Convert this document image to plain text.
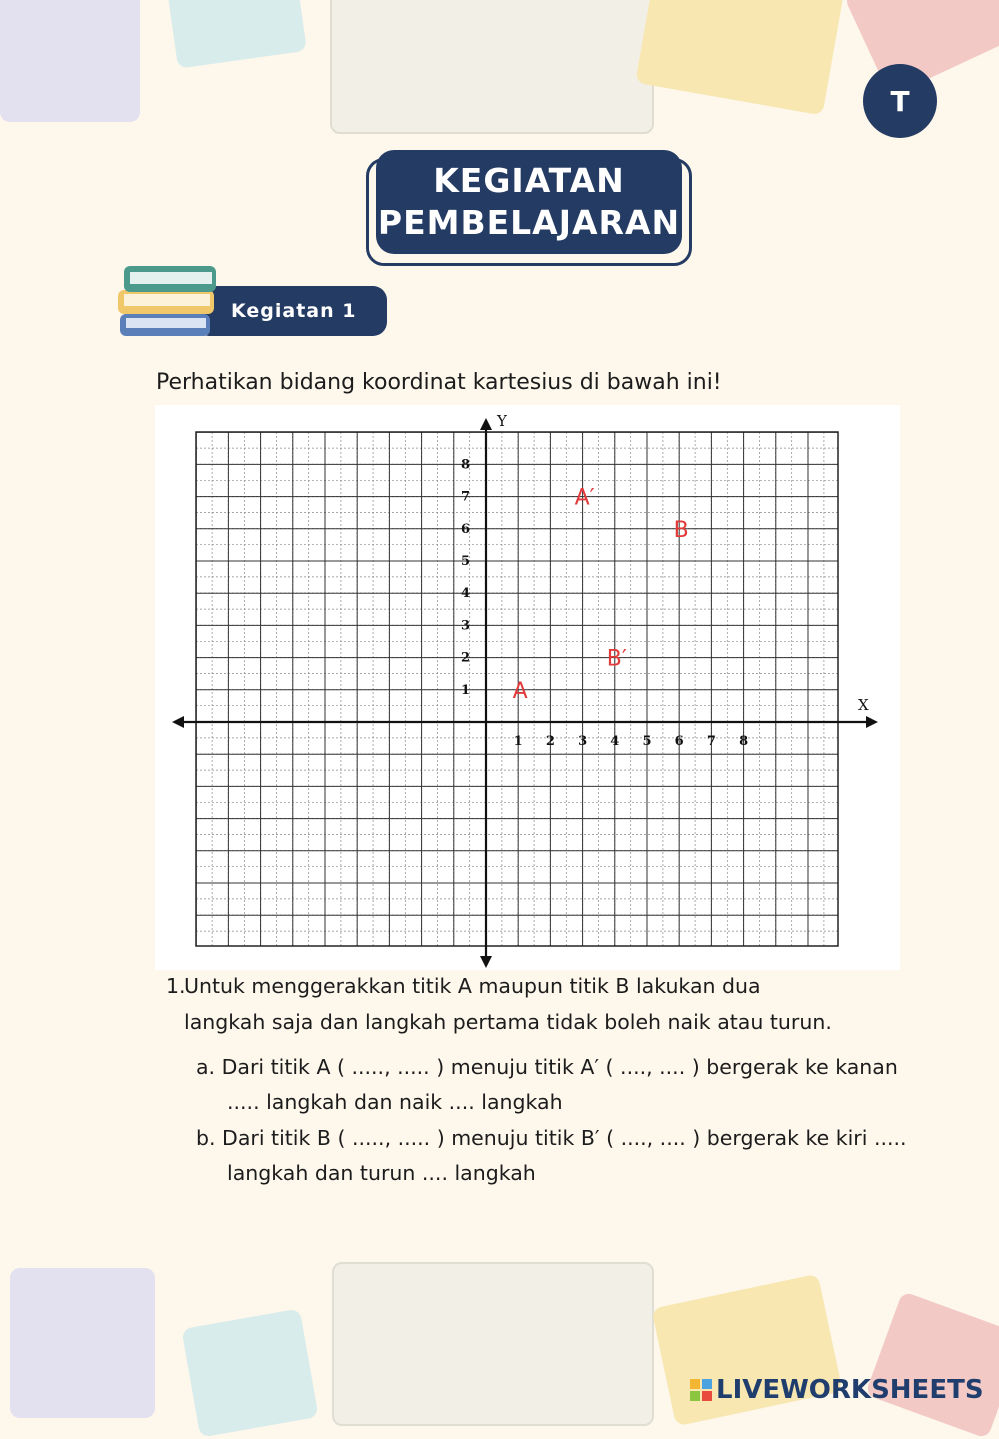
T
KEGIATAN
PEMBELAJARAN
Kegiatan 1
Perhatikan bidang koordinat kartesius di bawah ini!
X
Y
1 2 3 4 5 6 7 8
1
2
3
4
5
6
7
8
A
A′
B
B′
1.Untuk menggerakkan titik A maupun titik B lakukan dua
langkah saja dan langkah pertama tidak boleh naik atau turun.
a. Dari titik A ( ....., ..... ) menuju titik A′ ( ...., .... ) bergerak ke kanan
..... langkah dan naik .... langkah
b. Dari titik B ( ....., ..... ) menuju titik B′ ( ...., .... ) bergerak ke kiri .....
langkah dan turun .... langkah
LIVEWORKSHEETS
